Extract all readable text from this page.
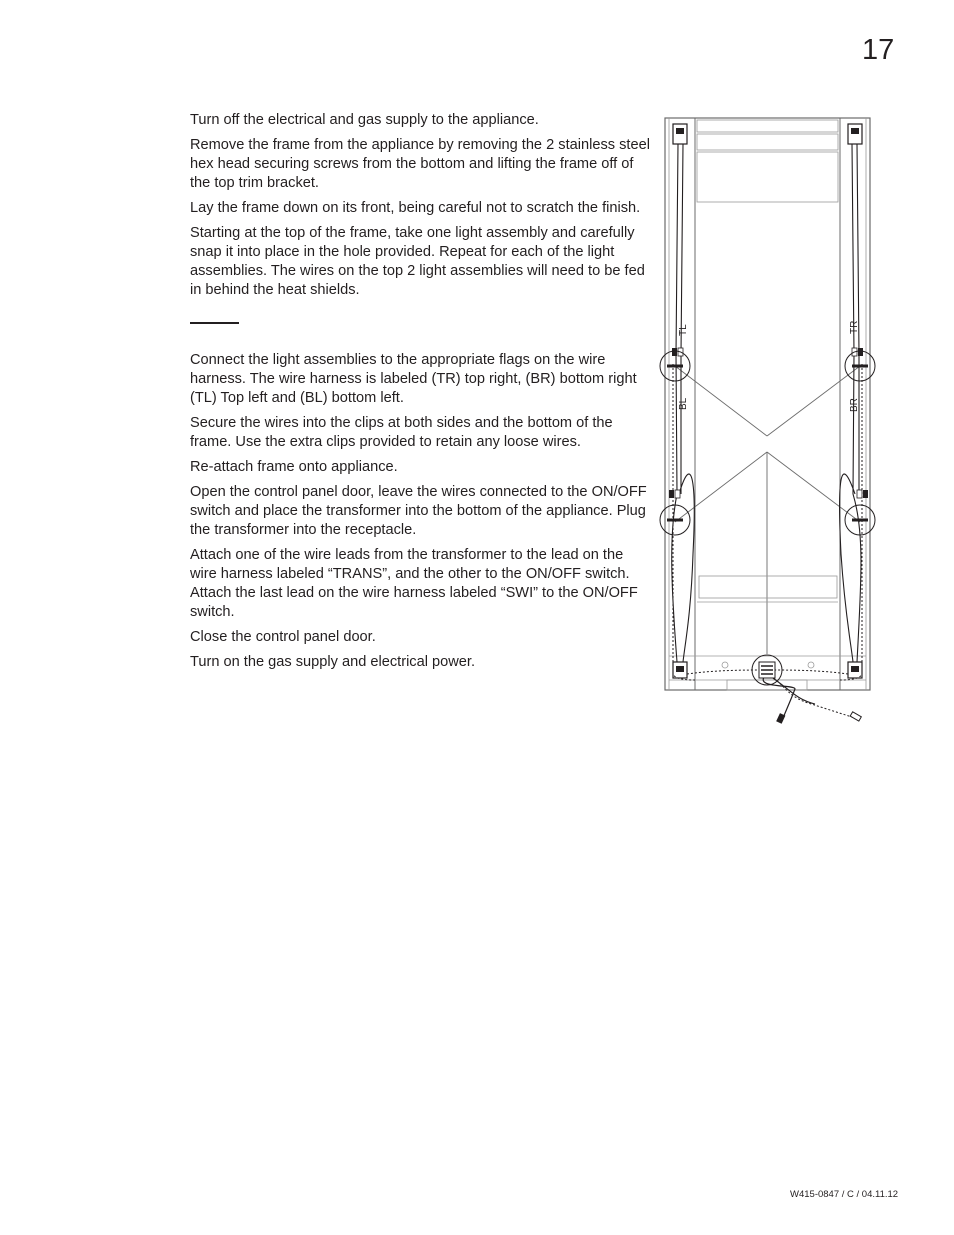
17

Turn off the electrical and gas supply to the appliance.

Remove the frame from the appliance by removing the 2 stainless steel hex head securing screws from the bottom and lifting the frame off of the top trim bracket.

Lay the frame down on its front, being careful not to scratch the finish.

Starting at the top of the frame, take one light assembly and carefully snap it into place in the hole provided. Repeat for each of the light assemblies. The wires on the top 2 light assemblies will need to be fed in behind the heat shields.

Connect the light assemblies to the appropriate flags on the wire harness. The wire harness is labeled (TR) top right, (BR) bottom right (TL) Top left and (BL) bottom left.

Secure the wires into the clips at both sides and the bottom of the frame. Use the extra clips provided to retain any loose wires.

Re-attach frame onto appliance.

Open the control panel door, leave the wires connected to the ON/OFF switch and place the transformer into the bottom of the appliance. Plug the transformer into the receptacle.

Attach one of the wire leads from the transformer to the lead on the wire harness labeled “TRANS”, and the other to the ON/OFF switch. Attach the last lead on the wire harness labeled “SWI” to the ON/OFF switch.

Close the control panel door.

Turn on the gas supply and electrical power.

TL
BL
TR
BR
W415-0847 / C / 04.11.12
